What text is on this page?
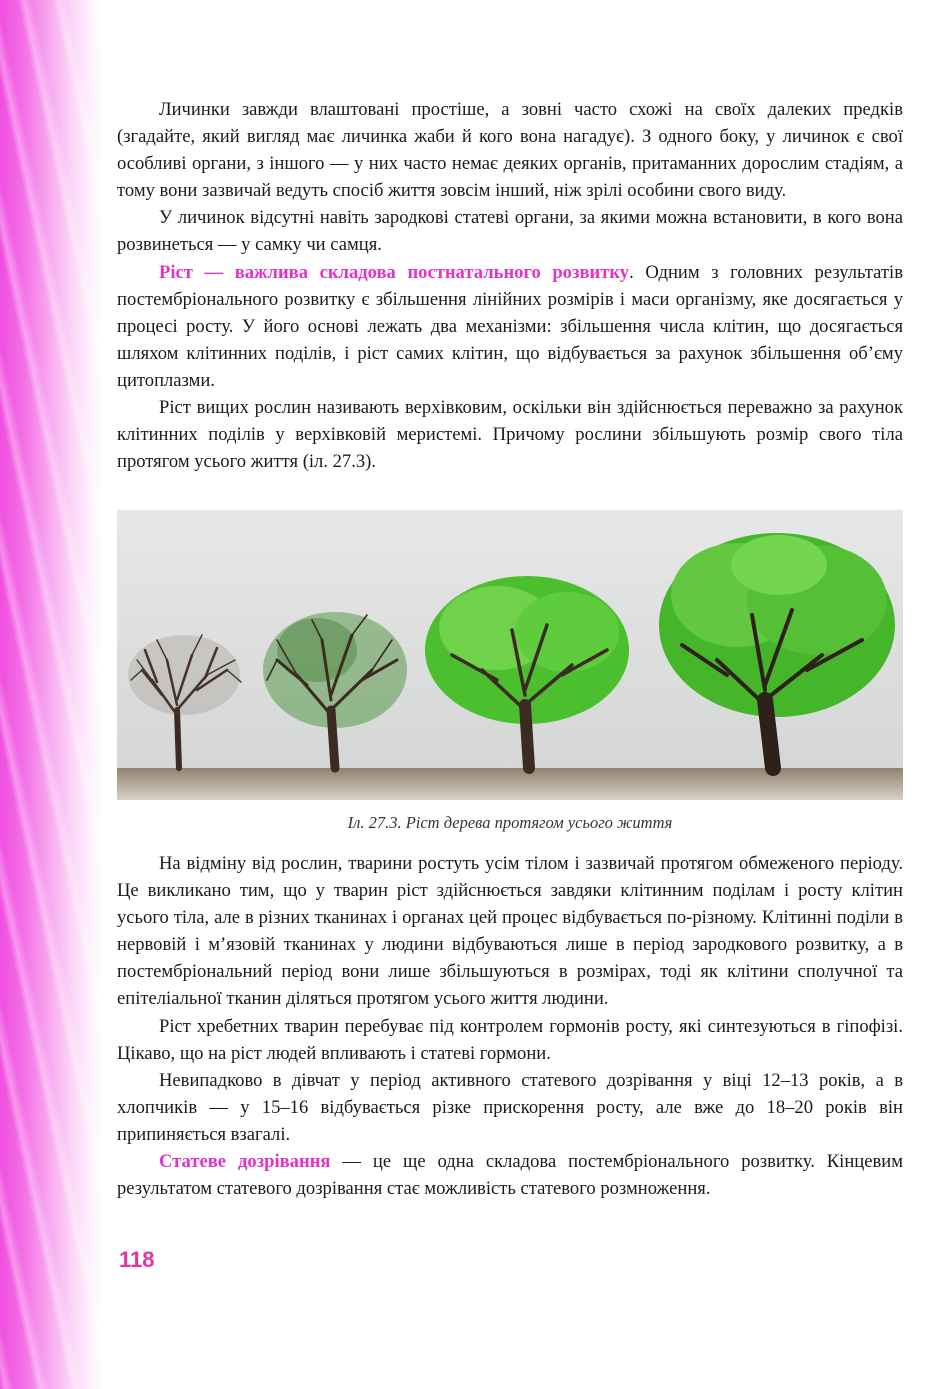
Личинки завжди влаштовані простіше, а зовні часто схожі на своїх далеких предків (згадайте, який вигляд має личинка жаби й кого вона нагадує). З одного боку, у личинок є свої особливі органи, з іншого — у них часто немає деяких органів, притаманних дорослим стадіям, а тому вони зазвичай ведуть спосіб життя зовсім інший, ніж зрілі особини свого виду.

У личинок відсутні навіть зародкові статеві органи, за якими можна встановити, в кого вона розвинеться — у самку чи самця.

Ріст — важлива складова постнатального розвитку. Одним з головних результатів постембріонального розвитку є збільшення лінійних розмірів і маси організму, яке досягається у процесі росту. У його основі лежать два механізми: збільшення числа клітин, що досягається шляхом клітинних поділів, і ріст самих клітин, що відбувається за рахунок збільшення об’єму цитоплазми.

Ріст вищих рослин називають верхівковим, оскільки він здійснюється переважно за рахунок клітинних поділів у верхівковій меристемі. Причому рослини збільшують розмір свого тіла протягом усього життя (іл. 27.3).

Іл. 27.3. Ріст дерева протягом усього життя

На відміну від рослин, тварини ростуть усім тілом і зазвичай протягом обмеженого періоду. Це викликано тим, що у тварин ріст здійснюється завдяки клітинним поділам і росту клітин усього тіла, але в різних тканинах і органах цей процес відбувається по-різному. Клітинні поділи в нервовій і м’язовій тканинах у людини відбуваються лише в період зародкового розвитку, а в постембріональний період вони лише збільшуються в розмірах, тоді як клітини сполучної та епітеліальної тканин діляться протягом усього життя людини.

Ріст хребетних тварин перебуває під контролем гормонів росту, які синтезуються в гіпофізі. Цікаво, що на ріст людей впливають і статеві гормони.

Невипадково в дівчат у період активного статевого дозрівання у віці 12–13 років, а в хлопчиків — у 15–16 відбувається різке прискорення росту, але вже до 18–20 років він припиняється взагалі.

Статеве дозрівання — це ще одна складова постембріонального розвитку. Кінцевим результатом статевого дозрівання стає можливість статевого розмноження.

118
